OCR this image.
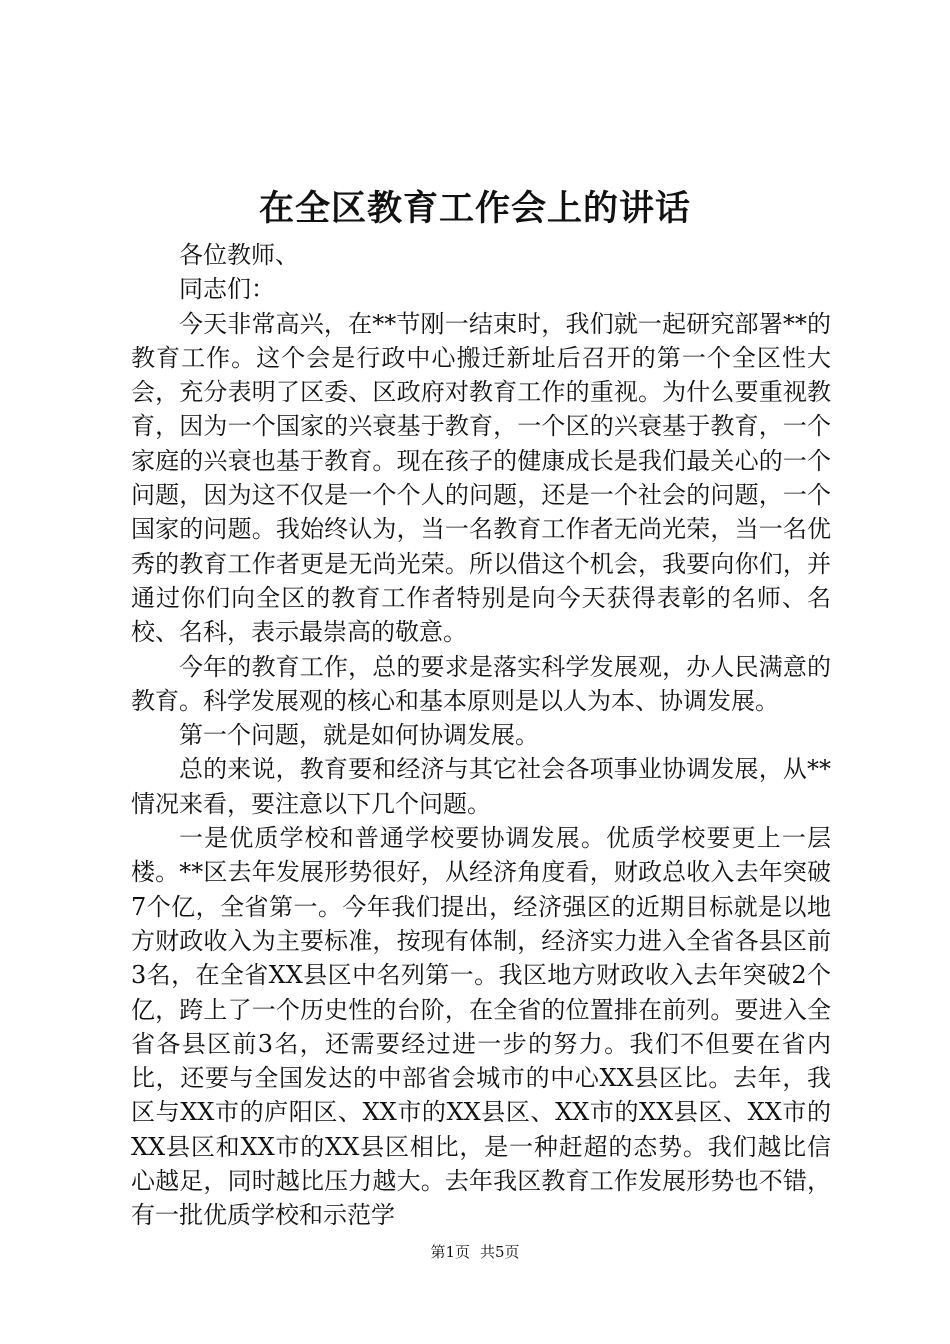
在全区教育工作会上的讲话

各位教师、

同志们：

今天非常高兴，在**节刚一结束时，我们就一起研究部署**的教育工作。这个会是行政中心搬迁新址后召开的第一个全区性大会，充分表明了区委、区政府对教育工作的重视。为什么要重视教育，因为一个国家的兴衰基于教育，一个区的兴衰基于教育，一个家庭的兴衰也基于教育。现在孩子的健康成长是我们最关心的一个问题，因为这不仅是一个个人的问题，还是一个社会的问题，一个国家的问题。我始终认为，当一名教育工作者无尚光荣，当一名优秀的教育工作者更是无尚光荣。所以借这个机会，我要向你们，并通过你们向全区的教育工作者特别是向今天获得表彰的名师、名校、名科，表示最崇高的敬意。

今年的教育工作，总的要求是落实科学发展观，办人民满意的教育。科学发展观的核心和基本原则是以人为本、协调发展。

第一个问题，就是如何协调发展。

总的来说，教育要和经济与其它社会各项事业协调发展，从**情况来看，要注意以下几个问题。

一是优质学校和普通学校要协调发展。优质学校要更上一层楼。**区去年发展形势很好，从经济角度看，财政总收入去年突破7个亿，全省第一。今年我们提出，经济强区的近期目标就是以地方财政收入为主要标准，按现有体制，经济实力进入全省各县区前3名，在全省XX县区中名列第一。我区地方财政收入去年突破2个亿，跨上了一个历史性的台阶，在全省的位置排在前列。要进入全省各县区前3名，还需要经过进一步的努力。我们不但要在省内比，还要与全国发达的中部省会城市的中心XX县区比。去年，我区与XX市的庐阳区、XX市的XX县区、XX市的XX县区、XX市的XX县区和XX市的XX县区相比，是一种赶超的态势。我们越比信心越足，同时越比压力越大。去年我区教育工作发展形势也不错，有一批优质学校和示范学

第1页 共5页
